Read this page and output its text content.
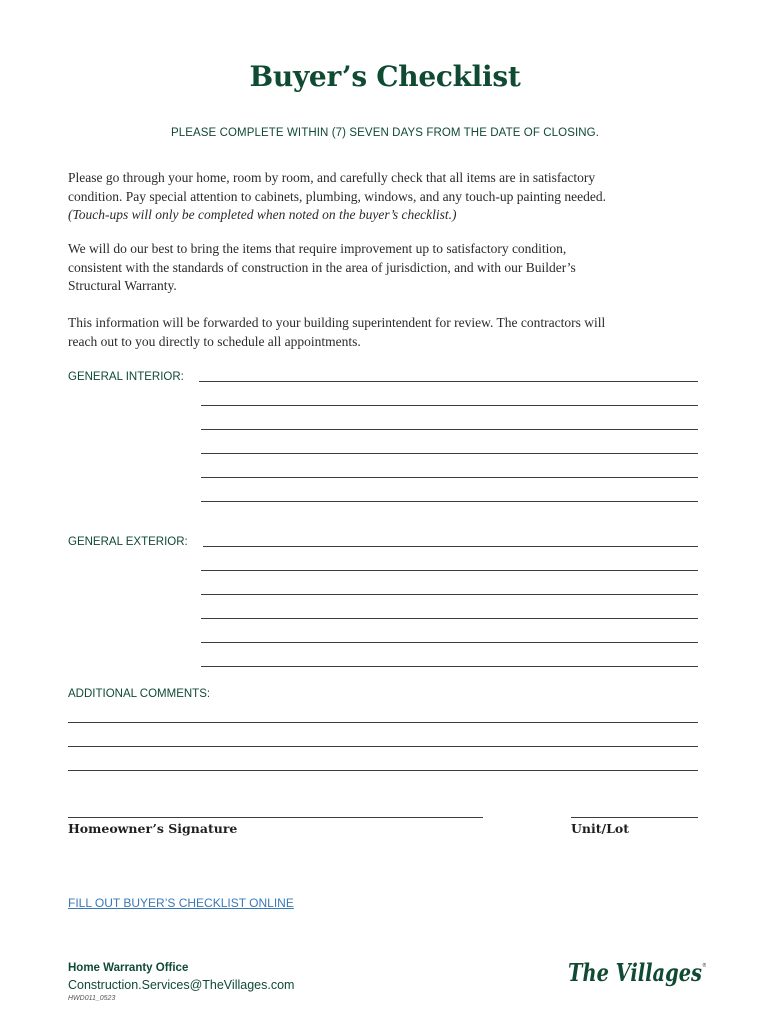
Buyer’s Checklist
PLEASE COMPLETE WITHIN (7) SEVEN DAYS FROM THE DATE OF CLOSING.
Please go through your home, room by room, and carefully check that all items are in satisfactory
condition. Pay special attention to cabinets, plumbing, windows, and any touch-up painting needed.
(Touch-ups will only be completed when noted on the buyer’s checklist.)
We will do our best to bring the items that require improvement up to satisfactory condition,
consistent with the standards of construction in the area of jurisdiction, and with our Builder’s
Structural Warranty.
This information will be forwarded to your building superintendent for review. The contractors will
reach out to you directly to schedule all appointments.
GENERAL INTERIOR:
GENERAL EXTERIOR:
ADDITIONAL COMMENTS:
Homeowner’s Signature	Unit/Lot
FILL OUT BUYER’S CHECKLIST ONLINE
Home Warranty Office
Construction.Services@TheVillages.com
HWD011_0523
The Villages ®
